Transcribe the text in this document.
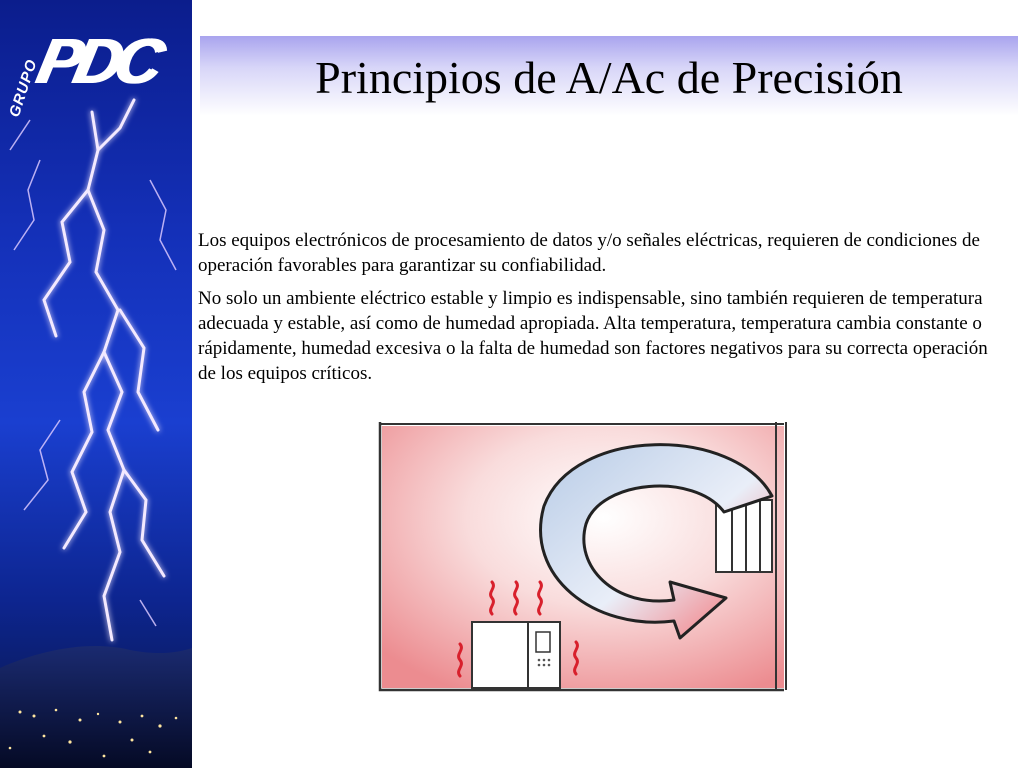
PDC
GRUPO	Principios de A/Ac de Precisión

Los equipos electrónicos de procesamiento de datos y/o señales eléctricas, requieren de condiciones de operación favorables para garantizar su confiabilidad.

No solo un ambiente eléctrico estable y limpio es indispensable, sino también requieren de temperatura adecuada y estable, así como de humedad apropiada. Alta temperatura, temperatura cambia constante o rápidamente, humedad excesiva o la falta de humedad son factores negativos para su correcta operación de los equipos críticos.
